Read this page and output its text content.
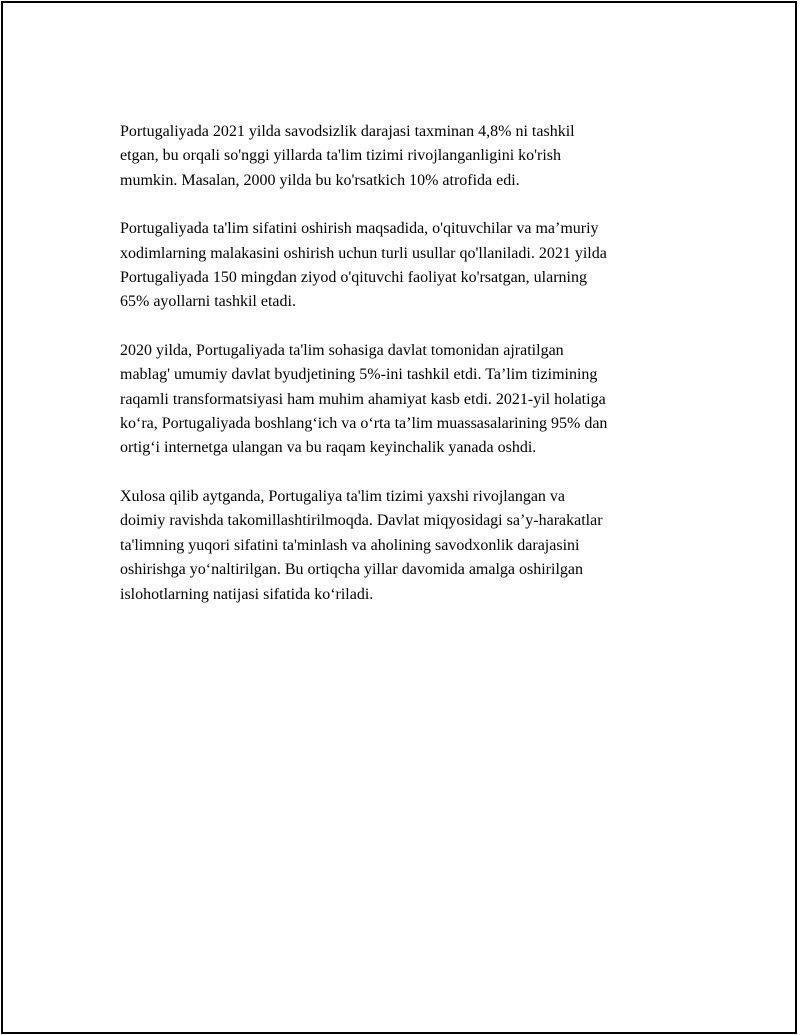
Portugaliyada 2021 yilda savodsizlik darajasi taxminan 4,8% ni tashkil
etgan, bu orqali so'nggi yillarda ta'lim tizimi rivojlanganligini ko'rish
mumkin. Masalan, 2000 yilda bu ko'rsatkich 10% atrofida edi.

Portugaliyada ta'lim sifatini oshirish maqsadida, o'qituvchilar va ma’muriy
xodimlarning malakasini oshirish uchun turli usullar qo'llaniladi. 2021 yilda
Portugaliyada 150 mingdan ziyod o'qituvchi faoliyat ko'rsatgan, ularning
65% ayollarni tashkil etadi.

2020 yilda, Portugaliyada ta'lim sohasiga davlat tomonidan ajratilgan
mablag' umumiy davlat byudjetining 5%-ini tashkil etdi. Ta’lim tizimining
raqamli transformatsiyasi ham muhim ahamiyat kasb etdi. 2021-yil holatiga
ko‘ra, Portugaliyada boshlang‘ich va o‘rta ta’lim muassasalarining 95% dan
ortig‘i internetga ulangan va bu raqam keyinchalik yanada oshdi.

Xulosa qilib aytganda, Portugaliya ta'lim tizimi yaxshi rivojlangan va
doimiy ravishda takomillashtirilmoqda. Davlat miqyosidagi sa’y-harakatlar
ta'limning yuqori sifatini ta'minlash va aholining savodxonlik darajasini
oshirishga yo‘naltirilgan. Bu ortiqcha yillar davomida amalga oshirilgan
islohotlarning natijasi sifatida ko‘riladi.
